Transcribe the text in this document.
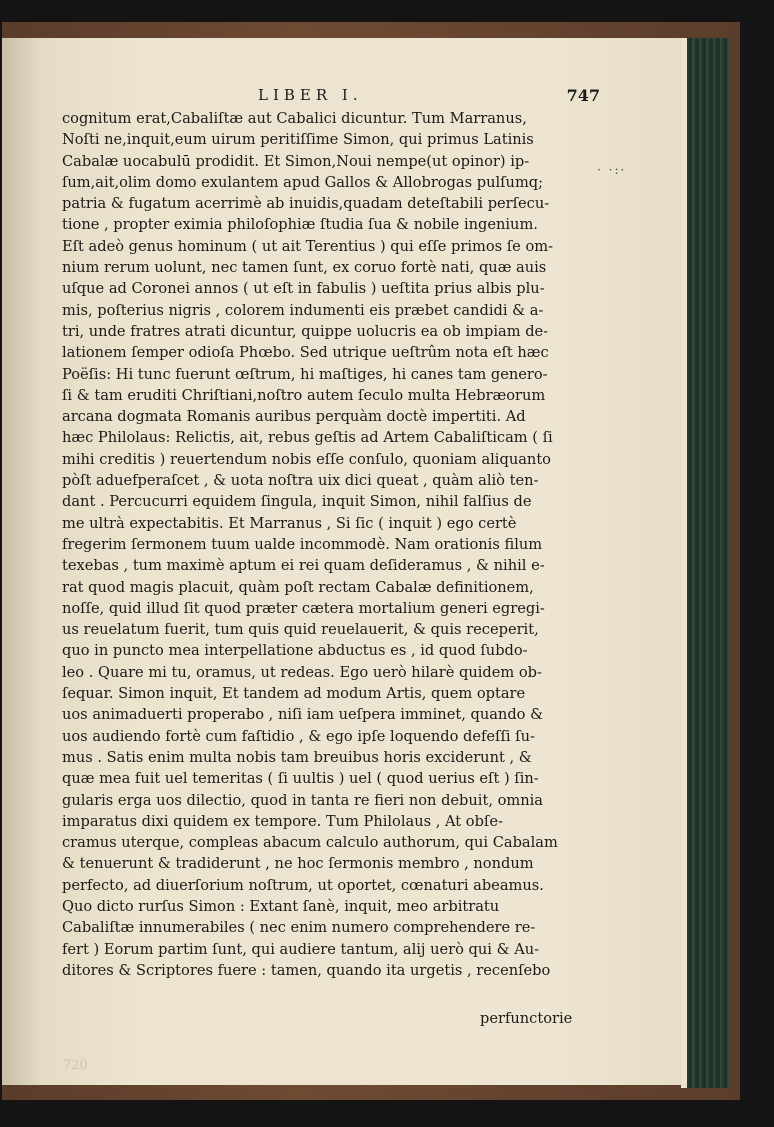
LIBER I.	747
cognitum erat,Cabaliſtæ aut Cabalici dicuntur. Tum Marranus,
Noſti ne,inquit,eum uirum peritiſſime Simon, qui primus Latinis
Cabalæ uocabulū prodidit. Et Simon,Noui nempe(ut opinor) ip-
ſum,ait,olim domo exulantem apud Gallos & Allobrogas pulſumq;
patria & fugatum acerrimè ab inuidis,quadam deteſtabili perſecu-
tione , propter eximia philoſophiæ ſtudia ſua & nobile ingenium.
Eſt adeò genus hominum ( ut ait Terentius ) qui eſſe primos ſe om-
nium rerum uolunt, nec tamen ſunt, ex coruo fortè nati, quæ auis
uſque ad Coronei annos ( ut eſt in fabulis ) ueſtita prius albis plu-
mis, poſterius nigris , colorem indumenti eis præbet candidi & a-
tri, unde fratres atrati dicuntur, quippe uolucris ea ob impiam de-
lationem ſemper odioſa Phœbo. Sed utrique ueſtrûm nota eſt hæc
Poëſis: Hi tunc fuerunt œſtrum, hi maſtiges, hi canes tam genero-
ſi & tam eruditi Chriſtiani,noſtro autem ſeculo multa Hebræorum
arcana dogmata Romanis auribus perquàm doctè impertiti. Ad
hæc Philolaus: Relictis, ait, rebus geſtis ad Artem Cabaliſticam ( ſi
mihi creditis ) reuertendum nobis eſſe conſulo, quoniam aliquanto
pòſt aduefperaſcet , & uota noſtra uix dici queat , quàm aliò ten-
dant . Percucurri equidem ſingula, inquit Simon, nihil falſius de
me ultrà expectabitis. Et Marranus , Si ſic ( inquit ) ego certè
fregerim ſermonem tuum ualde incommodè. Nam orationis filum
texebas , tum maximè aptum ei rei quam deſideramus , & nihil e-
rat quod magis placuit, quàm poſt rectam Cabalæ definitionem,
noſſe, quid illud ſit quod præter cætera mortalium generi egregi-
us reuelatum fuerit, tum quis quid reuelauerit, & quis receperit,
quo in puncto mea interpellatione abductus es , id quod ſubdo-
leo . Quare mi tu, oramus, ut redeas. Ego uerò hilarè quidem ob-
ſequar. Simon inquit, Et tandem ad modum Artis, quem optare
uos animaduerti properabo , niſi iam ueſpera imminet, quando &
uos audiendo fortè cum faſtidio , & ego ipſe loquendo defeſſi ſu-
mus . Satis enim multa nobis tam breuibus horis exciderunt , &
quæ mea fuit uel temeritas ( ſi uultis ) uel ( quod uerius eſt ) ſin-
gularis erga uos dilectio, quod in tanta re fieri non debuit, omnia
imparatus dixi quidem ex tempore. Tum Philolaus , At obſe-
cramus uterque, compleas abacum calculo authorum, qui Cabalam
& tenuerunt & tradiderunt , ne hoc ſermonis membro , nondum
perfecto, ad diuerſorium noſtrum, ut oportet, cœnaturi abeamus.
Quo dicto rurſus Simon : Extant ſanè, inquit, meo arbitratu
Cabaliſtæ innumerabiles ( nec enim numero comprehendere re-
fert ) Eorum partim ſunt, qui audiere tantum, alij uerò qui & Au-
ditores & Scriptores fuere : tamen, quando ita urgetis , recenſebo
perfunctorie
720
· ·:·
